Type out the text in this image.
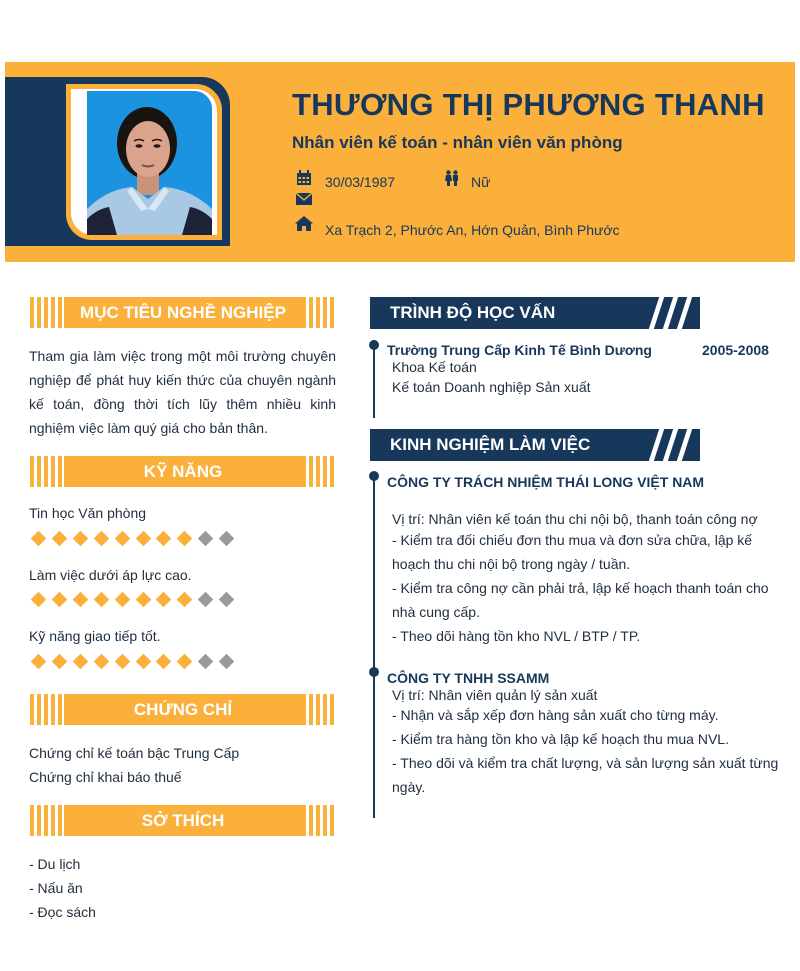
THƯƠNG THỊ PHƯƠNG THANH
Nhân viên kế toán - nhân viên văn phòng
30/03/1987	Nữ
Xa Trạch 2, Phước An, Hớn Quản, Bình Phước
MỤC TIÊU NGHỀ NGHIỆP
Tham gia làm việc trong một môi trường chuyên nghiệp để phát huy kiến thức của chuyên ngành kế toán, đồng thời tích lũy thêm nhiều kinh nghiệm việc làm quý giá cho bản thân.
KỸ NĂNG
Tin học Văn phòng
Làm việc dưới áp lực cao.
Kỹ năng giao tiếp tốt.
CHỨNG CHỈ
Chứng chỉ kế toán bậc Trung Cấp
Chứng chỉ khai báo thuế
SỞ THÍCH
- Du lịch
- Nấu ăn
- Đọc sách
TRÌNH ĐỘ HỌC VẤN
Trường Trung Cấp Kinh Tế Bình Dương	2005-2008
Khoa Kế toán
Kế toán Doanh nghiệp Sản xuất
KINH NGHIỆM LÀM VIỆC
CÔNG TY TRÁCH NHIỆM THÁI LONG VIỆT NAM
Vị trí: Nhân viên kế toán thu chi nội bộ, thanh toán công nợ
- Kiểm tra đối chiếu đơn thu mua và đơn sửa chữa, lập kế
hoạch thu chi nội bộ trong ngày / tuần.
- Kiểm tra công nợ cần phải trả, lập kế hoạch thanh toán cho
nhà cung cấp.
- Theo dõi hàng tồn kho NVL / BTP / TP.
CÔNG TY TNHH SSAMM
Vị trí: Nhân viên quản lý sản xuất
- Nhận và sắp xếp đơn hàng sản xuất cho từng máy.
- Kiểm tra hàng tồn kho và lập kế hoạch thu mua NVL.
- Theo dõi và kiểm tra chất lượng, và sản lượng sản xuất từng
ngày.
